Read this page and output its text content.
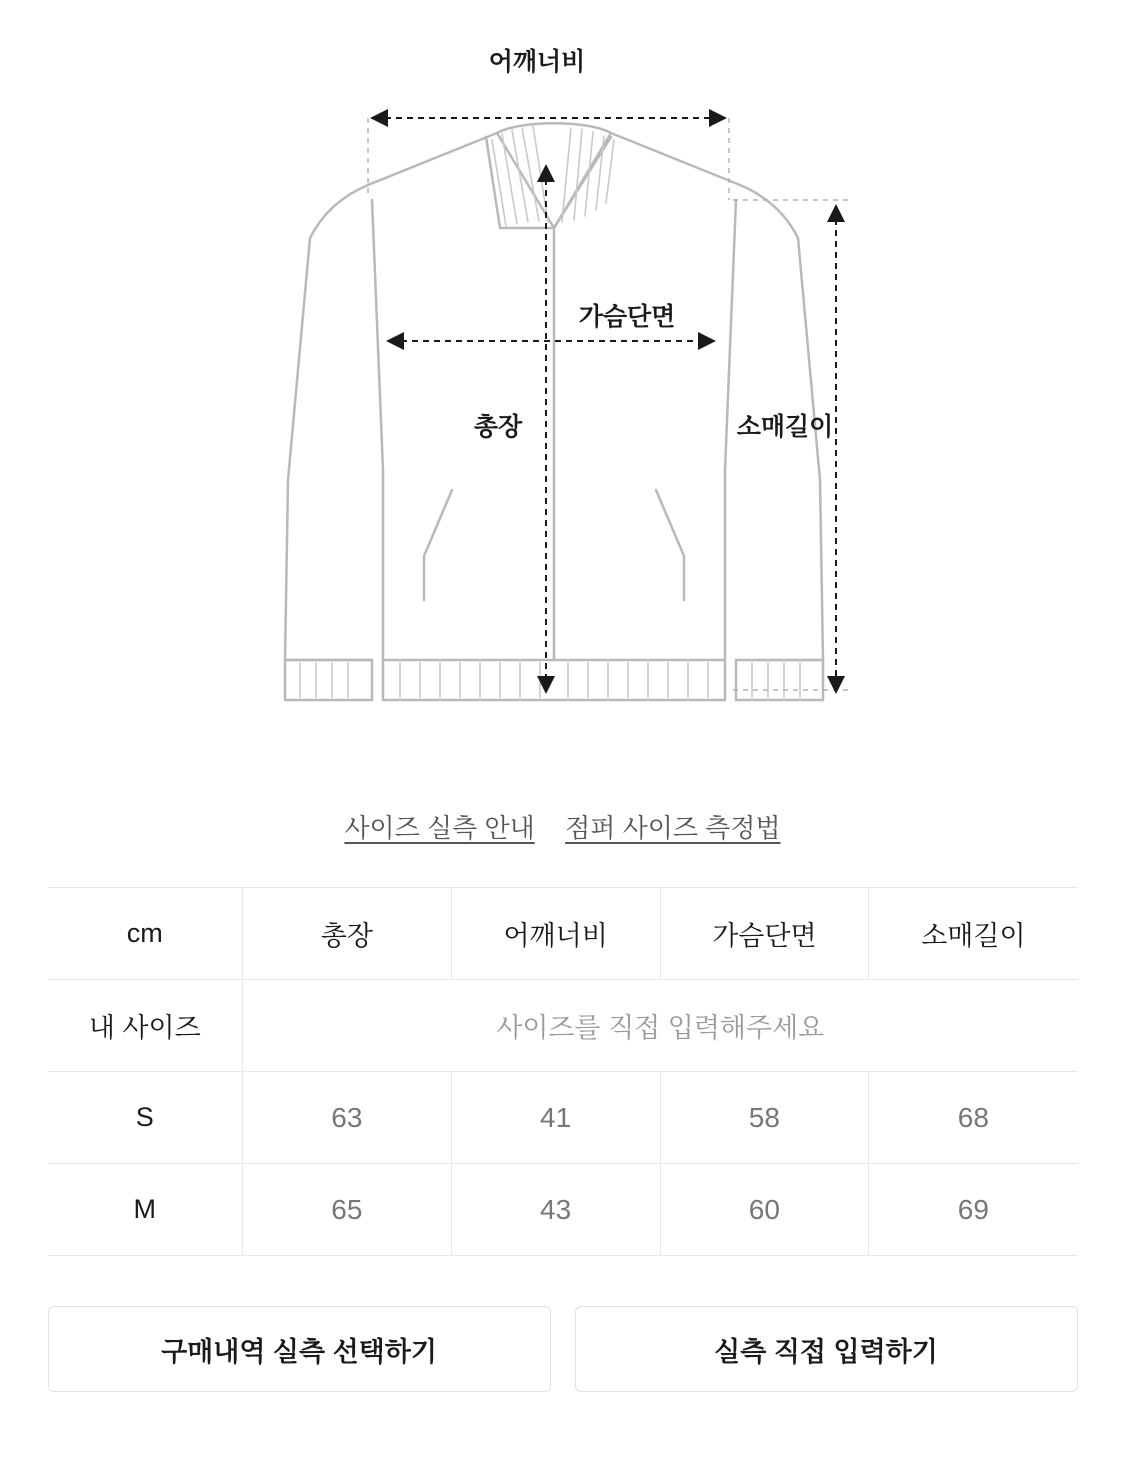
어깨너비
가슴단면
총장	소매길이
사이즈 실측 안내 점퍼 사이즈 측정법
cm	총장	어깨너비	가슴단면	소매길이
내 사이즈	사이즈를 직접 입력해주세요			
S	63	41	58	68
M	65	43	60	69
구매내역 실측 선택하기	실측 직접 입력하기
